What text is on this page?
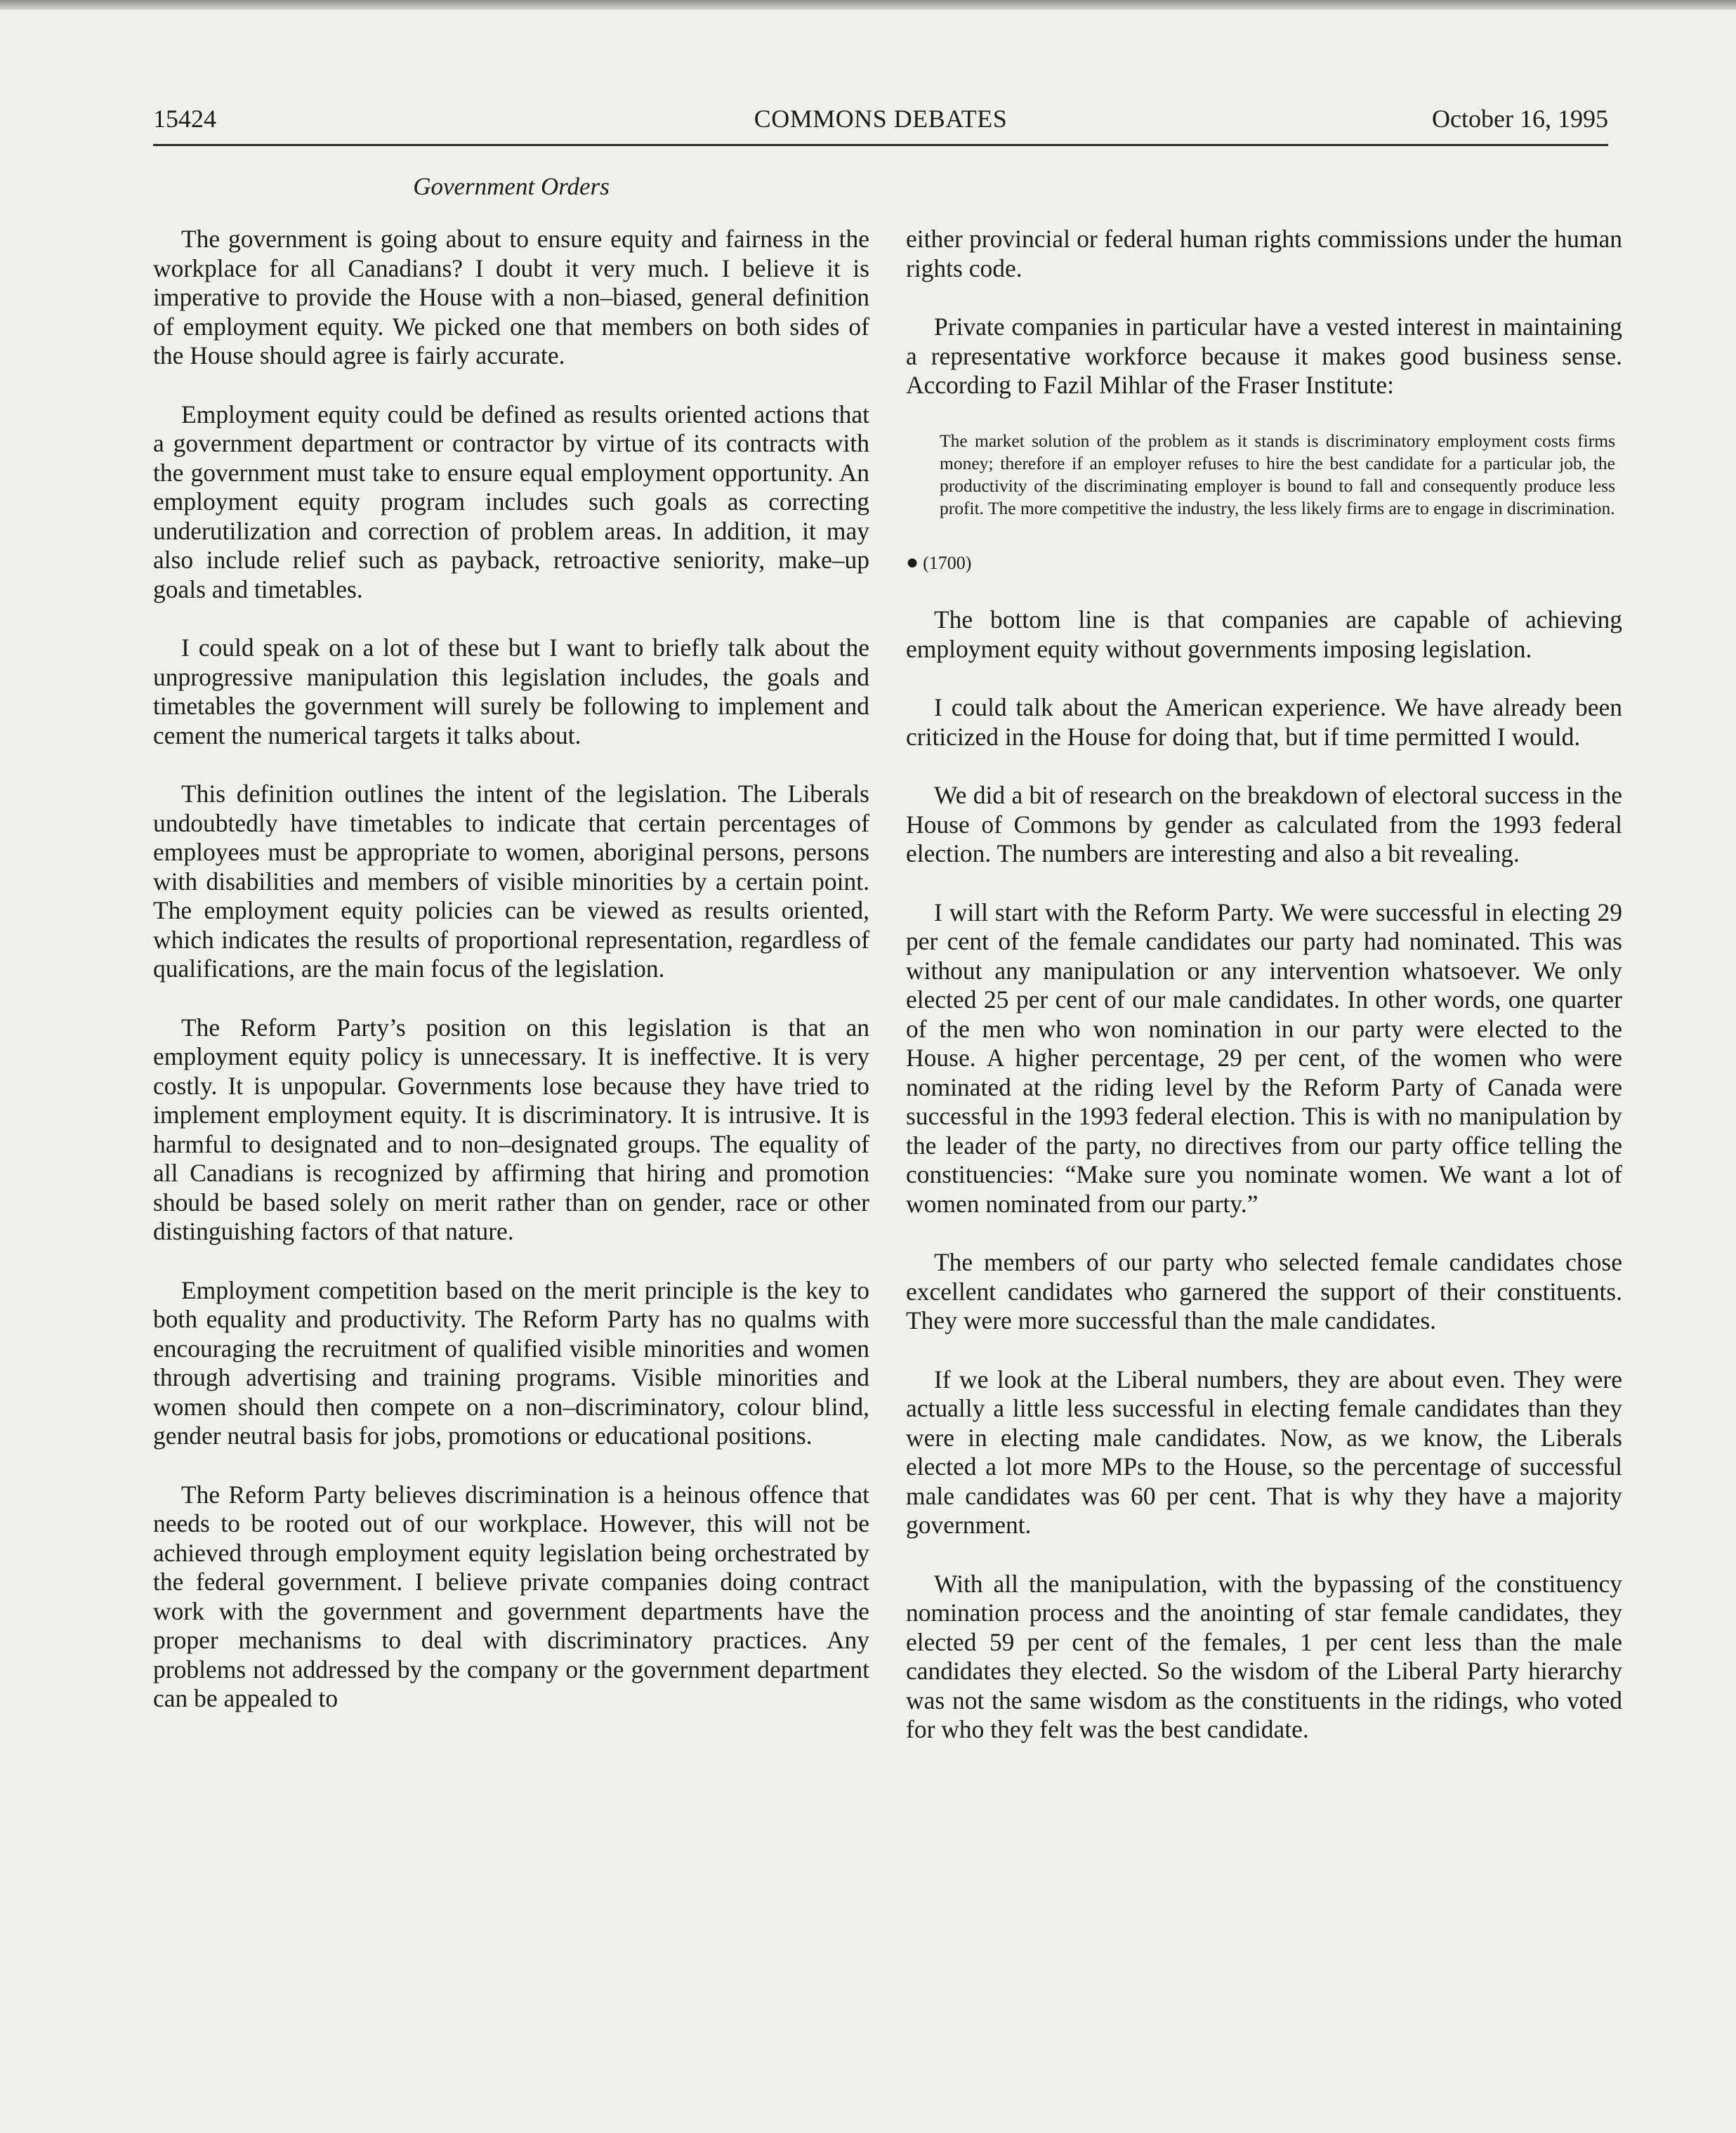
15424	COMMONS DEBATES	October 16, 1995
Government Orders

The government is going about to ensure equity and fairness in the workplace for all Canadians? I doubt it very much. I believe it is imperative to provide the House with a non–biased, general definition of employment equity. We picked one that members on both sides of the House should agree is fairly accurate.

Employment equity could be defined as results oriented actions that a government department or contractor by virtue of its contracts with the government must take to ensure equal employment opportunity. An employment equity program includes such goals as correcting underutilization and correction of problem areas. In addition, it may also include relief such as payback, retroactive seniority, make–up goals and timetables.

I could speak on a lot of these but I want to briefly talk about the unprogressive manipulation this legislation includes, the goals and timetables the government will surely be following to implement and cement the numerical targets it talks about.

This definition outlines the intent of the legislation. The Liberals undoubtedly have timetables to indicate that certain percentages of employees must be appropriate to women, aboriginal persons, persons with disabilities and members of visible minorities by a certain point. The employment equity policies can be viewed as results oriented, which indicates the results of proportional representation, regardless of qualifications, are the main focus of the legislation.

The Reform Party’s position on this legislation is that an employment equity policy is unnecessary. It is ineffective. It is very costly. It is unpopular. Governments lose because they have tried to implement employment equity. It is discriminatory. It is intrusive. It is harmful to designated and to non–designated groups. The equality of all Canadians is recognized by affirming that hiring and promotion should be based solely on merit rather than on gender, race or other distinguishing factors of that nature.

Employment competition based on the merit principle is the key to both equality and productivity. The Reform Party has no qualms with encouraging the recruitment of qualified visible minorities and women through advertising and training programs. Visible minorities and women should then compete on a non–discriminatory, colour blind, gender neutral basis for jobs, promotions or educational positions.

The Reform Party believes discrimination is a heinous offence that needs to be rooted out of our workplace. However, this will not be achieved through employment equity legislation being orchestrated by the federal government. I believe private companies doing contract work with the government and government departments have the proper mechanisms to deal with discriminatory practices. Any problems not addressed by the company or the government department can be appealed to

either provincial or federal human rights commissions under the human rights code.

Private companies in particular have a vested interest in maintaining a representative workforce because it makes good business sense. According to Fazil Mihlar of the Fraser Institute:

The market solution of the problem as it stands is discriminatory employment costs firms money; therefore if an employer refuses to hire the best candidate for a particular job, the productivity of the discriminating employer is bound to fall and consequently produce less profit. The more competitive the industry, the less likely firms are to engage in discrimination.
● (1700)

The bottom line is that companies are capable of achieving employment equity without governments imposing legislation.

I could talk about the American experience. We have already been criticized in the House for doing that, but if time permitted I would.

We did a bit of research on the breakdown of electoral success in the House of Commons by gender as calculated from the 1993 federal election. The numbers are interesting and also a bit revealing.

I will start with the Reform Party. We were successful in electing 29 per cent of the female candidates our party had nominated. This was without any manipulation or any intervention whatsoever. We only elected 25 per cent of our male candidates. In other words, one quarter of the men who won nomination in our party were elected to the House. A higher percentage, 29 per cent, of the women who were nominated at the riding level by the Reform Party of Canada were successful in the 1993 federal election. This is with no manipulation by the leader of the party, no directives from our party office telling the constituencies: “Make sure you nominate women. We want a lot of women nominated from our party.”

The members of our party who selected female candidates chose excellent candidates who garnered the support of their constituents. They were more successful than the male candidates.

If we look at the Liberal numbers, they are about even. They were actually a little less successful in electing female candidates than they were in electing male candidates. Now, as we know, the Liberals elected a lot more MPs to the House, so the percentage of successful male candidates was 60 per cent. That is why they have a majority government.

With all the manipulation, with the bypassing of the constituency nomination process and the anointing of star female candidates, they elected 59 per cent of the females, 1 per cent less than the male candidates they elected. So the wisdom of the Liberal Party hierarchy was not the same wisdom as the constituents in the ridings, who voted for who they felt was the best candidate.
